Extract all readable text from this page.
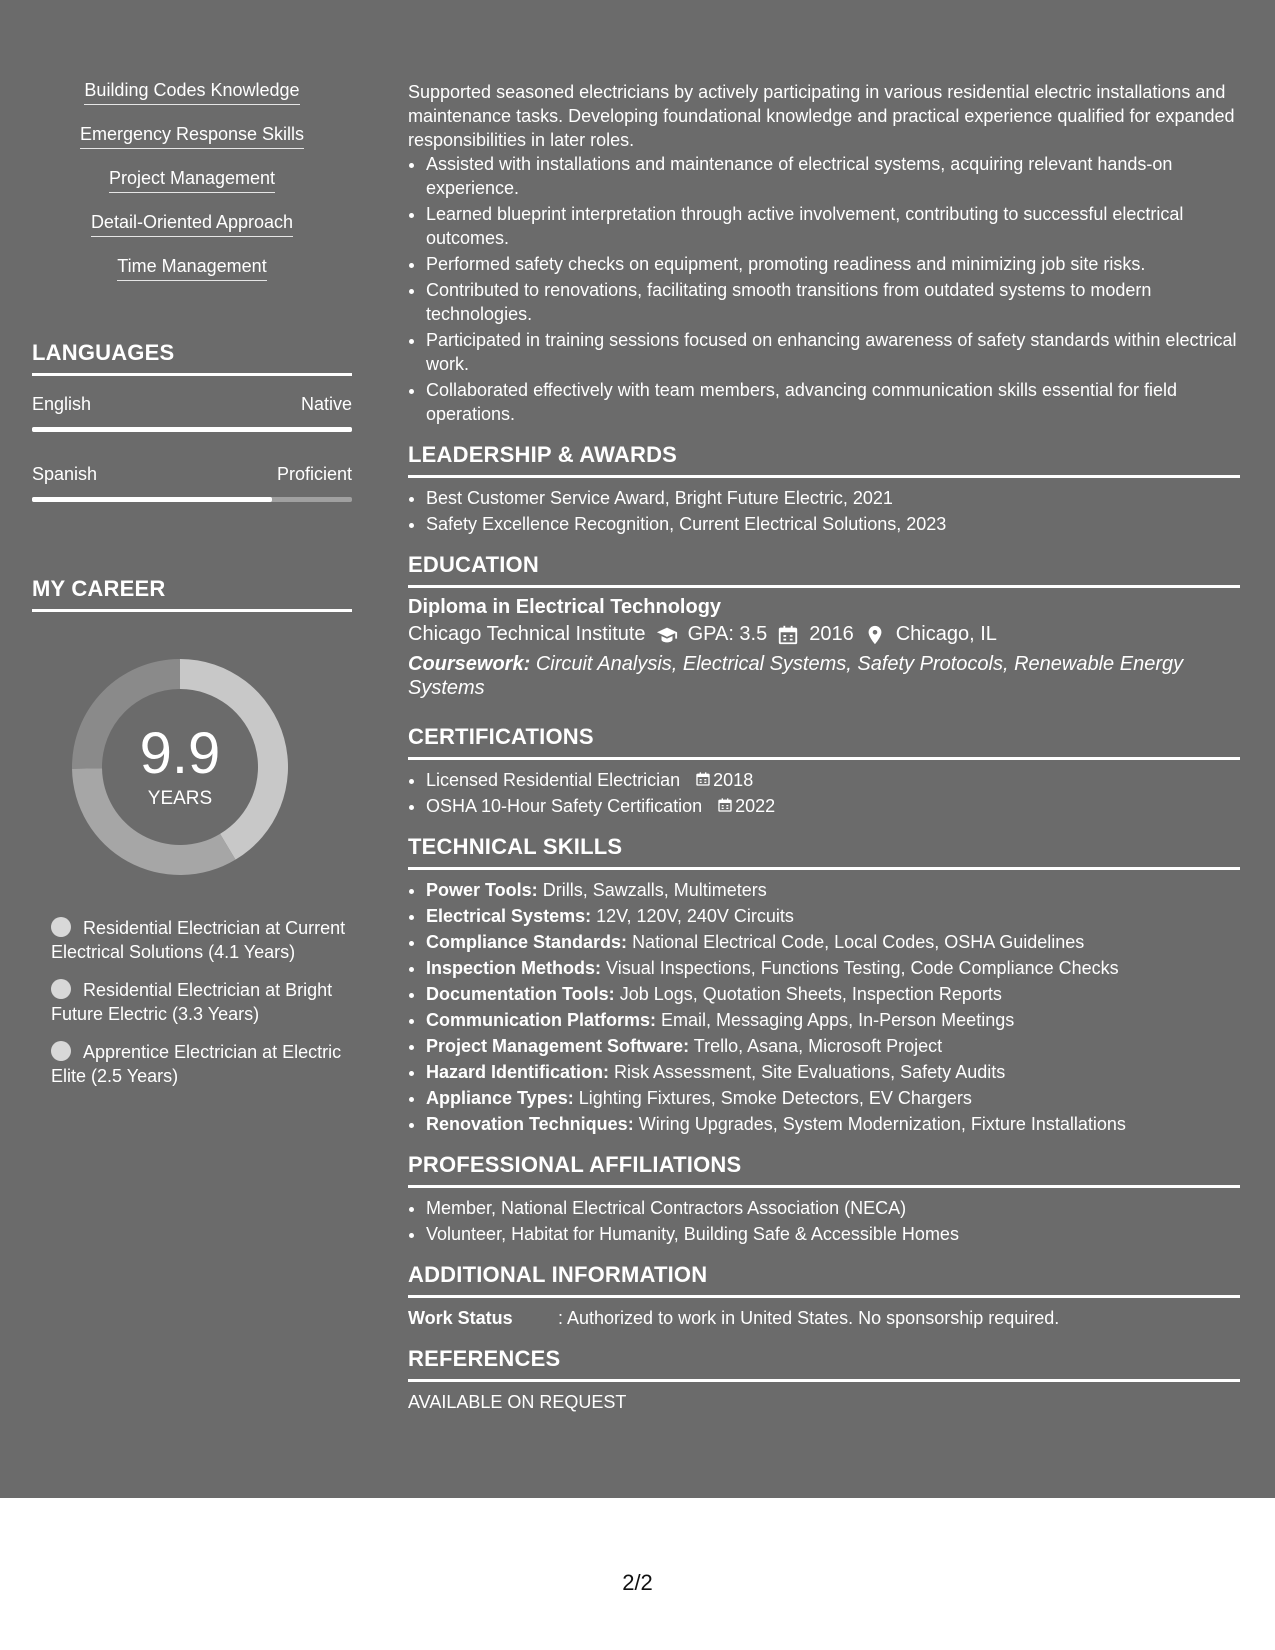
Building Codes Knowledge
Emergency Response Skills
Project Management
Detail-Oriented Approach
Time Management
LANGUAGES
English	Native
Spanish	Proficient
MY CAREER
9.9
YEARS
Residential Electrician at Current Electrical Solutions (4.1 Years)
Residential Electrician at Bright Future Electric (3.3 Years)
Apprentice Electrician at Electric Elite (2.5 Years)

Supported seasoned electricians by actively participating in various residential electric installations and maintenance tasks. Developing foundational knowledge and practical experience qualified for expanded responsibilities in later roles.

• Assisted with installations and maintenance of electrical systems, acquiring relevant hands-on experience.
• Learned blueprint interpretation through active involvement, contributing to successful electrical outcomes.
• Performed safety checks on equipment, promoting readiness and minimizing job site risks.
• Contributed to renovations, facilitating smooth transitions from outdated systems to modern technologies.
• Participated in training sessions focused on enhancing awareness of safety standards within electrical work.
• Collaborated effectively with team members, advancing communication skills essential for field operations.
LEADERSHIP & AWARDS
• Best Customer Service Award, Bright Future Electric, 2021
• Safety Excellence Recognition, Current Electrical Solutions, 2023
EDUCATION
Diploma in Electrical Technology
Chicago Technical Institute GPA: 3.5 2016 Chicago, IL
Coursework: Circuit Analysis, Electrical Systems, Safety Protocols, Renewable Energy Systems
CERTIFICATIONS
• Licensed Residential Electrician 2018
• OSHA 10-Hour Safety Certification 2022
TECHNICAL SKILLS
• Power Tools: Drills, Sawzalls, Multimeters
• Electrical Systems: 12V, 120V, 240V Circuits
• Compliance Standards: National Electrical Code, Local Codes, OSHA Guidelines
• Inspection Methods: Visual Inspections, Functions Testing, Code Compliance Checks
• Documentation Tools: Job Logs, Quotation Sheets, Inspection Reports
• Communication Platforms: Email, Messaging Apps, In-Person Meetings
• Project Management Software: Trello, Asana, Microsoft Project
• Hazard Identification: Risk Assessment, Site Evaluations, Safety Audits
• Appliance Types: Lighting Fixtures, Smoke Detectors, EV Chargers
• Renovation Techniques: Wiring Upgrades, System Modernization, Fixture Installations
PROFESSIONAL AFFILIATIONS
• Member, National Electrical Contractors Association (NECA)
• Volunteer, Habitat for Humanity, Building Safe & Accessible Homes
ADDITIONAL INFORMATION
Work Status	: Authorized to work in United States. No sponsorship required.
REFERENCES
AVAILABLE ON REQUEST
2/2
